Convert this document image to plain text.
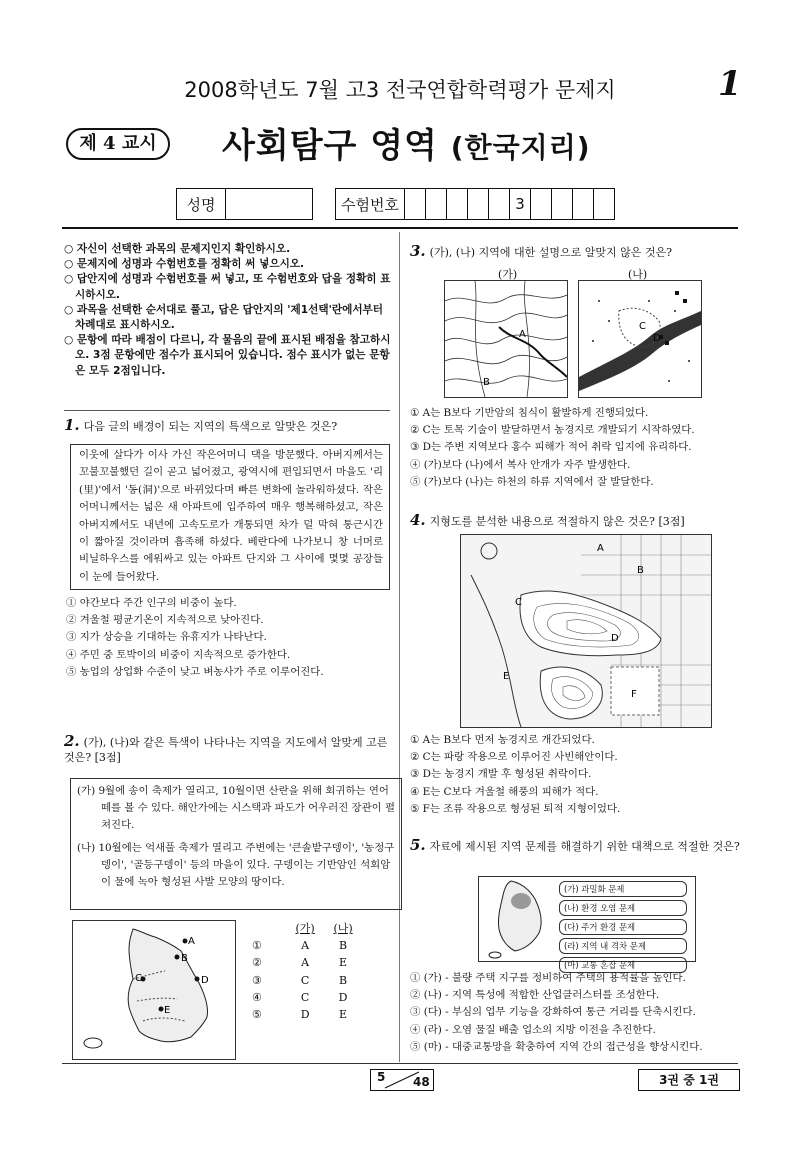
2008학년도 7월 고3 전국연합학력평가 문제지	1
제 4 교시	사회탐구 영역 (한국지리)
성명			수험번호						3				
○ 자신이 선택한 과목의 문제지인지 확인하시오.
○ 문제지에 성명과 수험번호를 정확히 써 넣으시오.
○ 답안지에 성명과 수험번호를 써 넣고, 또 수험번호와 답을 정확히 표시하시오.
○ 과목을 선택한 순서대로 풀고, 답은 답안지의 '제1선택'란에서부터 차례대로 표시하시오.
○ 문항에 따라 배점이 다르니, 각 물음의 끝에 표시된 배점을 참고하시오. 3점 문항에만 점수가 표시되어 있습니다. 점수 표시가 없는 문항은 모두 2점입니다.
1. 다음 글의 배경이 되는 지역의 특색으로 알맞은 것은?
이웃에 살다가 이사 가신 작은어머니 댁을 방문했다. 아버지께서는 꼬불꼬불했던 길이 곧고 넓어졌고, 광역시에 편입되면서 마을도 '리(里)'에서 '동(洞)'으로 바뀌었다며 빠른 변화에 놀라워하셨다. 작은어머니께서는 넓은 새 아파트에 입주하여 매우 행복해하셨고, 작은아버지께서도 내년에 고속도로가 개통되면 차가 덜 막혀 통근시간이 짧아질 것이라며 흡족해 하셨다. 베란다에 나가보니 창 너머로 비닐하우스를 에워싸고 있는 아파트 단지와 그 사이에 몇몇 공장들이 눈에 들어왔다.
① 야간보다 주간 인구의 비중이 높다.
② 겨울철 평균기온이 지속적으로 낮아진다.
③ 지가 상승을 기대하는 유휴지가 나타난다.
④ 주민 중 토박이의 비중이 지속적으로 증가한다.
⑤ 농업의 상업화 수준이 낮고 벼농사가 주로 이루어진다.
2. (가), (나)와 같은 특색이 나타나는 지역을 지도에서 알맞게 고른 것은? [3점]
(가) 9월에 송이 축제가 열리고, 10월이면 산란을 위해 회귀하는 연어 떼를 볼 수 있다. 해안가에는 시스택과 파도가 어우러진 장관이 펼쳐진다.
(나) 10월에는 억새풀 축제가 열리고 주변에는 '큰솔밭구뎅이', '농정구뎅이', '골등구뎅이' 등의 마을이 있다. 구뎅이는 기반암인 석회암이 물에 녹아 형성된 사발 모양의 땅이다.
A
B
C	D
E
(가)	(나)
①	A	B
②	A	E
③	C	B
④	C	D
⑤	D	E
3. (가), (나) 지역에 대한 설명으로 알맞지 않은 것은?
(가)	(나)
A
B
C
D
① A는 B보다 기반암의 침식이 활발하게 진행되었다.
② C는 토목 기술이 발달하면서 농경지로 개발되기 시작하였다.
③ D는 주변 지역보다 홍수 피해가 적어 취락 입지에 유리하다.
④ (가)보다 (나)에서 복사 안개가 자주 발생한다.
⑤ (가)보다 (나)는 하천의 하류 지역에서 잘 발달한다.
4. 지형도를 분석한 내용으로 적절하지 않은 것은? [3점]
A
B
C
D
E
F
① A는 B보다 먼저 농경지로 개간되었다.
② C는 파랑 작용으로 이루어진 사빈해안이다.
③ D는 농경지 개발 후 형성된 취락이다.
④ E는 C보다 겨울철 해풍의 피해가 적다.
⑤ F는 조류 작용으로 형성된 퇴적 지형이었다.
5. 자료에 제시된 지역 문제를 해결하기 위한 대책으로 적절한 것은?
(가) 과밀화 문제
(나) 환경 오염 문제
(다) 주거 환경 문제
(라) 지역 내 격차 문제
(마) 교통 혼잡 문제
① (가) - 불량 주택 지구를 정비하여 주택의 용적률을 높인다.
② (나) - 지역 특성에 적합한 산업클러스터를 조성한다.
③ (다) - 부심의 업무 기능을 강화하여 통근 거리를 단축시킨다.
④ (라) - 오염 물질 배출 업소의 지방 이전을 추진한다.
⑤ (마) - 대중교통망을 확충하여 지역 간의 접근성을 향상시킨다.
5 48	3권 중 1권
